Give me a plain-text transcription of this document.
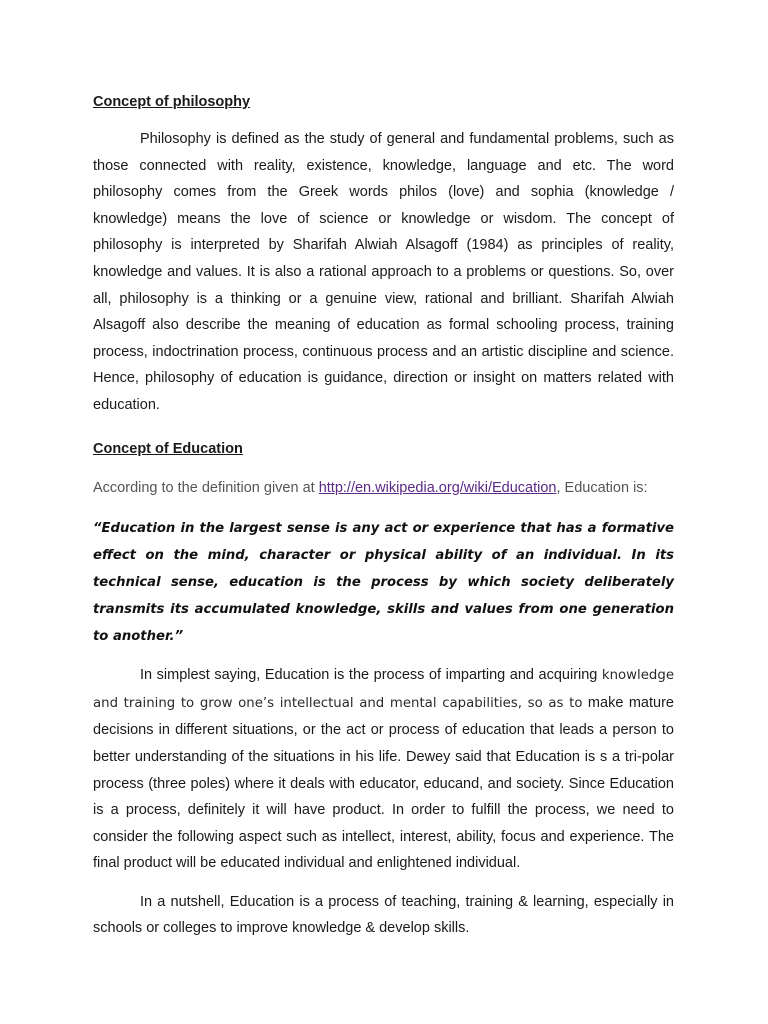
Concept of philosophy

Philosophy is defined as the study of general and fundamental problems, such as those connected with reality, existence, knowledge, language and etc. The word philosophy comes from the Greek words philos (love) and sophia (knowledge / knowledge) means the love of science or knowledge or wisdom. The concept of philosophy is interpreted by Sharifah Alwiah Alsagoff (1984) as principles of reality, knowledge and values. It is also a rational approach to a problems or questions. So, over all, philosophy is a thinking or a genuine view, rational and brilliant. Sharifah Alwiah Alsagoff also describe the meaning of education as formal schooling process, training process, indoctrination process, continuous process and an artistic discipline and science. Hence, philosophy of education is guidance, direction or insight on matters related with education.

Concept of Education

According to the definition given at http://en.wikipedia.org/wiki/Education, Education is:

“Education in the largest sense is any act or experience that has a formative effect on the mind, character or physical ability of an individual. In its technical sense, education is the process by which society deliberately transmits its accumulated knowledge, skills and values from one generation to another.”

In simplest saying, Education is the process of imparting and acquiring knowledge and training to grow one’s intellectual and mental capabilities, so as to make mature decisions in different situations, or the act or process of education that leads a person to better understanding of the situations in his life. Dewey said that Education is s a tri-polar process (three poles) where it deals with educator, educand, and society. Since Education is a process, definitely it will have product. In order to fulfill the process, we need to consider the following aspect such as intellect, interest, ability, focus and experience. The final product will be educated individual and enlightened individual.

In a nutshell, Education is a process of teaching, training & learning, especially in schools or colleges to improve knowledge & develop skills.
